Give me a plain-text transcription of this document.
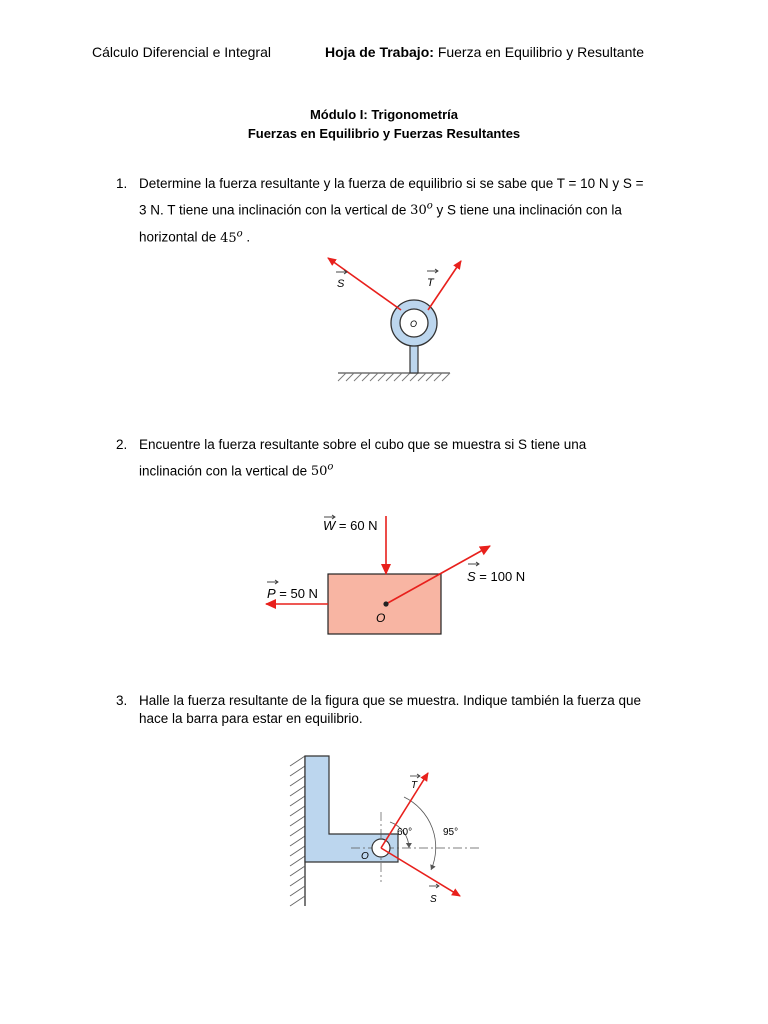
Cálculo Diferencial e Integral	Hoja de Trabajo: Fuerza en Equilibrio y Resultante
Módulo I: Trigonometría
Fuerzas en Equilibrio y Fuerzas Resultantes
1. Determine la fuerza resultante y la fuerza de equilibrio si se sabe que T = 10 N y S =
3 N. T tiene una inclinación con la vertical de 30$^o$ y S tiene una inclinación con la
horizontal de 45$^o$ .
S	T
O
2. Encuentre la fuerza resultante sobre el cubo que se muestra si S tiene una
inclinación con la vertical de 50$^o$
O
W = 60 N
S = 100 N
P = 50 N
3. Halle la fuerza resultante de la figura que se muestra. Indique también la fuerza que
hace la barra para estar en equilibrio.
O
60°	95°
T
S
